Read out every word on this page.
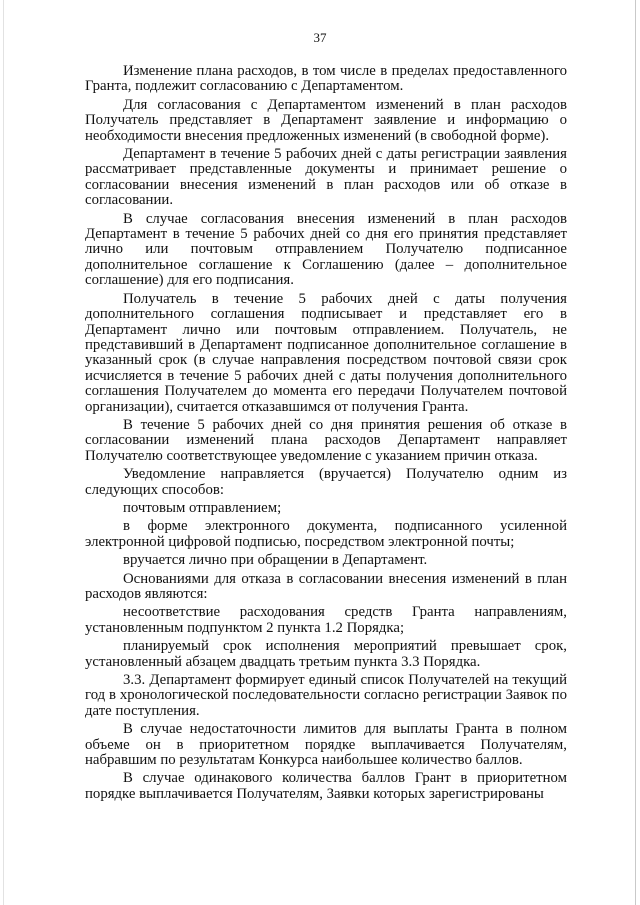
37

Изменение плана расходов, в том числе в пределах предоставленного Гранта, подлежит согласованию с Департаментом.

Для согласования с Департаментом изменений в план расходов Получатель представляет в Департамент заявление и информацию о необходимости внесения предложенных изменений (в свободной форме).

Департамент в течение 5 рабочих дней с даты регистрации заявления рассматривает представленные документы и принимает решение о согласовании внесения изменений в план расходов или об отказе в согласовании.

В случае согласования внесения изменений в план расходов Департамент в течение 5 рабочих дней со дня его принятия представляет лично или почтовым отправлением Получателю подписанное дополнительное соглашение к Соглашению (далее – дополнительное соглашение) для его подписания.

Получатель в течение 5 рабочих дней с даты получения дополнительного соглашения подписывает и представляет его в Департамент лично или почтовым отправлением. Получатель, не представивший в Департамент подписанное дополнительное соглашение в указанный срок (в случае направления посредством почтовой связи срок исчисляется в течение 5 рабочих дней с даты получения дополнительного соглашения Получателем до момента его передачи Получателем почтовой организации), считается отказавшимся от получения Гранта.

В течение 5 рабочих дней со дня принятия решения об отказе в согласовании изменений плана расходов Департамент направляет Получателю соответствующее уведомление с указанием причин отказа.

Уведомление направляется (вручается) Получателю одним из следующих способов:

почтовым отправлением;

в форме электронного документа, подписанного усиленной электронной цифровой подписью, посредством электронной почты;

вручается лично при обращении в Департамент.

Основаниями для отказа в согласовании внесения изменений в план расходов являются:

несоответствие расходования средств Гранта направлениям, установленным подпунктом 2 пункта 1.2 Порядка;

планируемый срок исполнения мероприятий превышает срок, установленный абзацем двадцать третьим пункта 3.3 Порядка.

3.3. Департамент формирует единый список Получателей на текущий год в хронологической последовательности согласно регистрации Заявок по дате поступления.

В случае недостаточности лимитов для выплаты Гранта в полном объеме он в приоритетном порядке выплачивается Получателям, набравшим по результатам Конкурса наибольшее количество баллов.

В случае одинакового количества баллов Грант в приоритетном порядке выплачивается Получателям, Заявки которых зарегистрированы
